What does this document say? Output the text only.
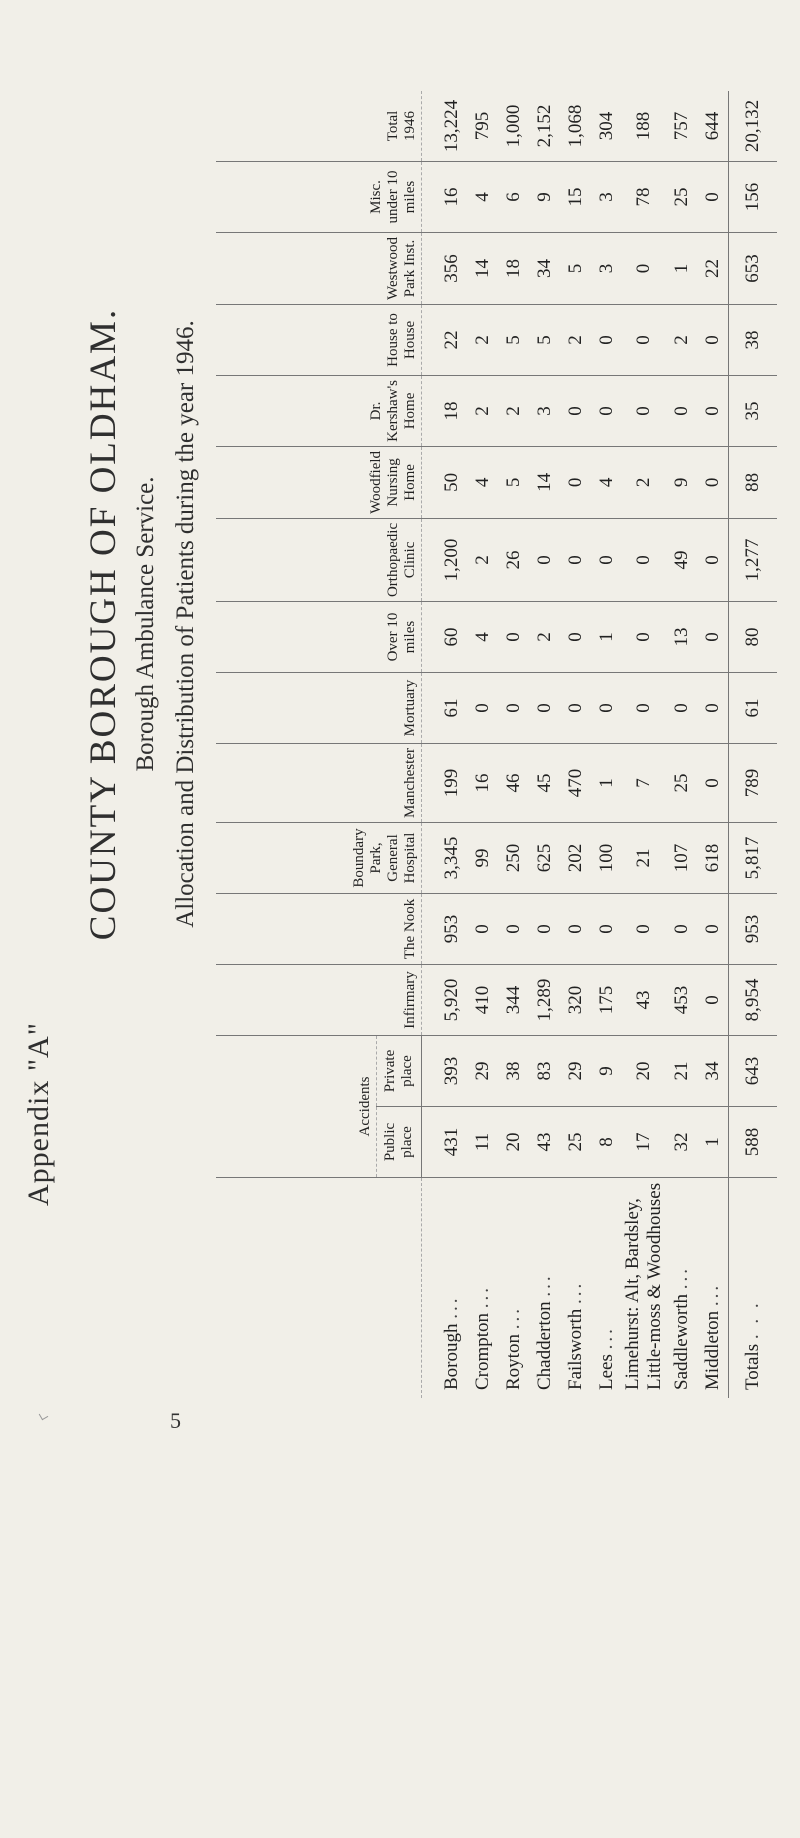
Appendix "A"
COUNTY BOROUGH OF OLDHAM. Borough Ambulance Service. Allocation and Distribution of Patients during the year 1946.
	Accidents		Infirmary	The Nook	Boundary Park, General Hospital	Manchester	Mortuary	Over 10 miles	Orthopaedic Clinic	Woodfield Nursing Home	Dr. Kershaw's Home	House to House	Westwood Park Inst.	Misc. under 10 miles	Total 1946
	Public place	Private place													
Borough ...	431	393	5,920	953	3,345	199	61	60	1,200	50	18	22	356	16	13,224
Crompton ...	11	29	410	0	99	16	0	4	2	4	2	2	14	4	795
Royton ...	20	38	344	0	250	46	0	0	26	5	2	5	18	6	1,000
Chadderton ...	43	83	1,289	0	625	45	0	2	0	14	3	5	34	9	2,152
Failsworth ...	25	29	320	0	202	470	0	0	0	0	0	2	5	15	1,068
Lees ...	8	9	175	0	100	1	0	1	0	4	0	0	3	3	304
Limehurst: Alt, Bardsley, Little-moss & Woodhouses	17	20	43	0	21	7	0	0	0	2	0	0	0	78	188
Saddleworth ...	32	21	453	0	107	25	0	13	49	9	0	2	1	25	757
Middleton ...	1	34	0	0	618	0	0	0	0	0	0	0	22	0	644
Totals . . .	588	643	8,954	953	5,817	789	61	80	1,277	88	35	38	653	156	20,132
5
